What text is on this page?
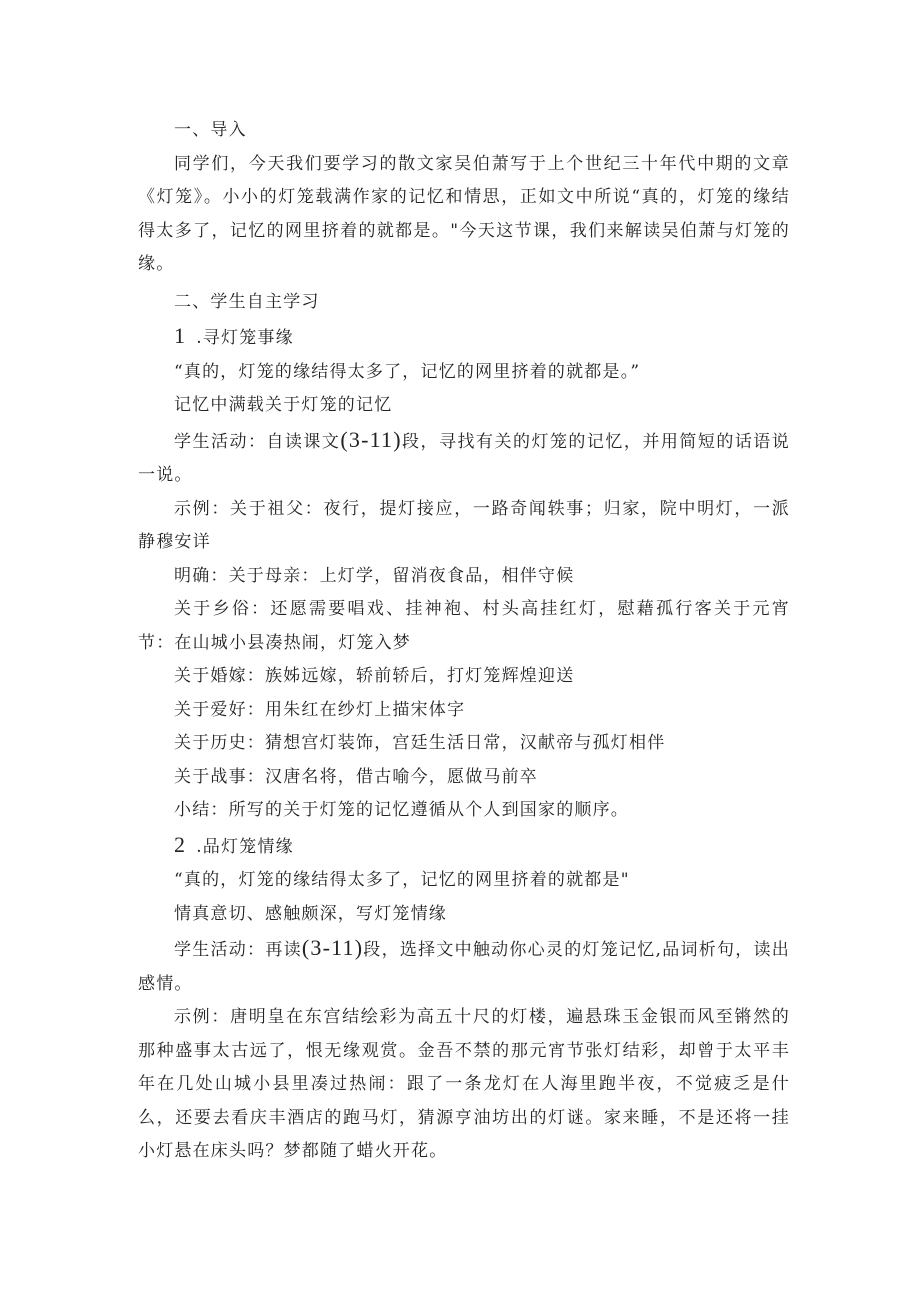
一、导入

同学们，今天我们要学习的散文家吴伯萧写于上个世纪三十年代中期的文章《灯笼》。小小的灯笼载满作家的记忆和情思，正如文中所说“真的，灯笼的缘结得太多了，记忆的网里挤着的就都是。"今天这节课，我们来解读吴伯萧与灯笼的缘。

二、学生自主学习

1 .寻灯笼事缘

“真的，灯笼的缘结得太多了，记忆的网里挤着的就都是。”

记忆中满载关于灯笼的记忆

学生活动：自读课文(3-11)段，寻找有关的灯笼的记忆，并用简短的话语说一说。

示例：关于祖父：夜行，提灯接应，一路奇闻轶事；归家，院中明灯，一派静穆安详

明确：关于母亲：上灯学，留消夜食品，相伴守候

关于乡俗：还愿需要唱戏、挂神袍、村头高挂红灯，慰藉孤行客关于元宵节：在山城小县凑热闹，灯笼入梦

关于婚嫁：族姊远嫁，轿前轿后，打灯笼辉煌迎送

关于爱好：用朱红在纱灯上描宋体字

关于历史：猜想宫灯装饰，宫廷生活日常，汉献帝与孤灯相伴

关于战事：汉唐名将，借古喻今，愿做马前卒

小结：所写的关于灯笼的记忆遵循从个人到国家的顺序。

2 .品灯笼情缘

“真的，灯笼的缘结得太多了，记忆的网里挤着的就都是"

情真意切、感触颇深，写灯笼情缘

学生活动：再读(3-11)段，选择文中触动你心灵的灯笼记忆,品词析句，读出感情。

示例：唐明皇在东宫结绘彩为高五十尺的灯楼，遍悬珠玉金银而风至锵然的那种盛事太古远了，恨无缘观赏。金吾不禁的那元宵节张灯结彩，却曾于太平丰年在几处山城小县里凑过热闹：跟了一条龙灯在人海里跑半夜，不觉疲乏是什么，还要去看庆丰酒店的跑马灯，猜源亨油坊出的灯谜。家来睡，不是还将一挂小灯悬在床头吗？梦都随了蜡火开花。
